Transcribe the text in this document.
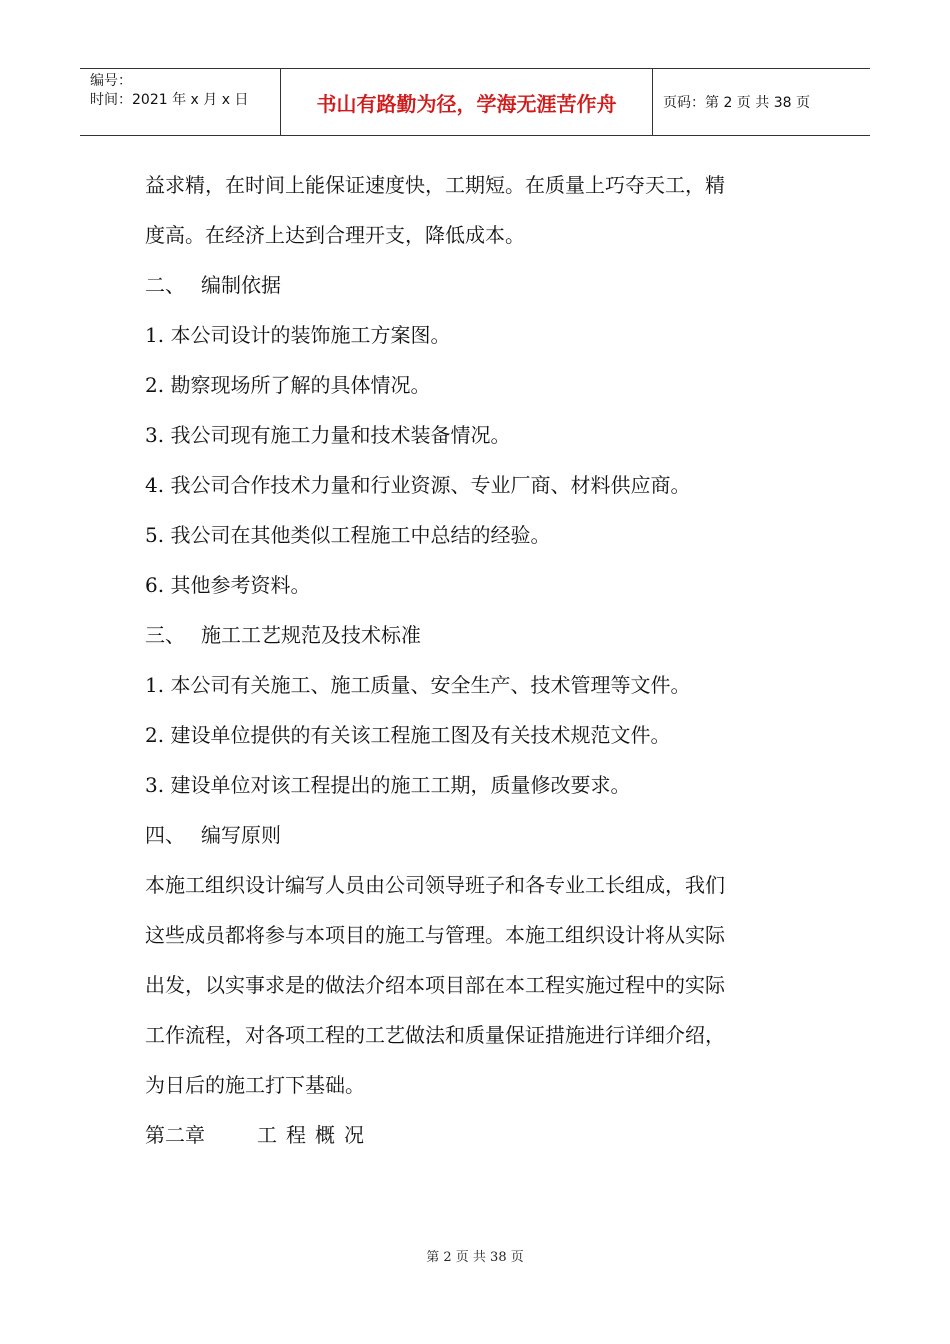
编号：
时间：2021 年 x 月 x 日	书山有路勤为径，学海无涯苦作舟	页码：第 2 页 共 38 页
益求精，在时间上能保证速度快，工期短。在质量上巧夺天工，精
度高。在经济上达到合理开支，降低成本。
二、 编制依据
1. 本公司设计的装饰施工方案图。
2. 勘察现场所了解的具体情况。
3. 我公司现有施工力量和技术装备情况。
4. 我公司合作技术力量和行业资源、专业厂商、材料供应商。
5. 我公司在其他类似工程施工中总结的经验。
6. 其他参考资料。
三、 施工工艺规范及技术标准
1. 本公司有关施工、施工质量、安全生产、技术管理等文件。
2. 建设单位提供的有关该工程施工图及有关技术规范文件。
3. 建设单位对该工程提出的施工工期，质量修改要求。
四、 编写原则
本施工组织设计编写人员由公司领导班子和各专业工长组成，我们
这些成员都将参与本项目的施工与管理。本施工组织设计将从实际
出发，以实事求是的做法介绍本项目部在本工程实施过程中的实际
工作流程，对各项工程的工艺做法和质量保证措施进行详细介绍，
为日后的施工打下基础。
第二章	工程概况
第 2 页 共 38 页
